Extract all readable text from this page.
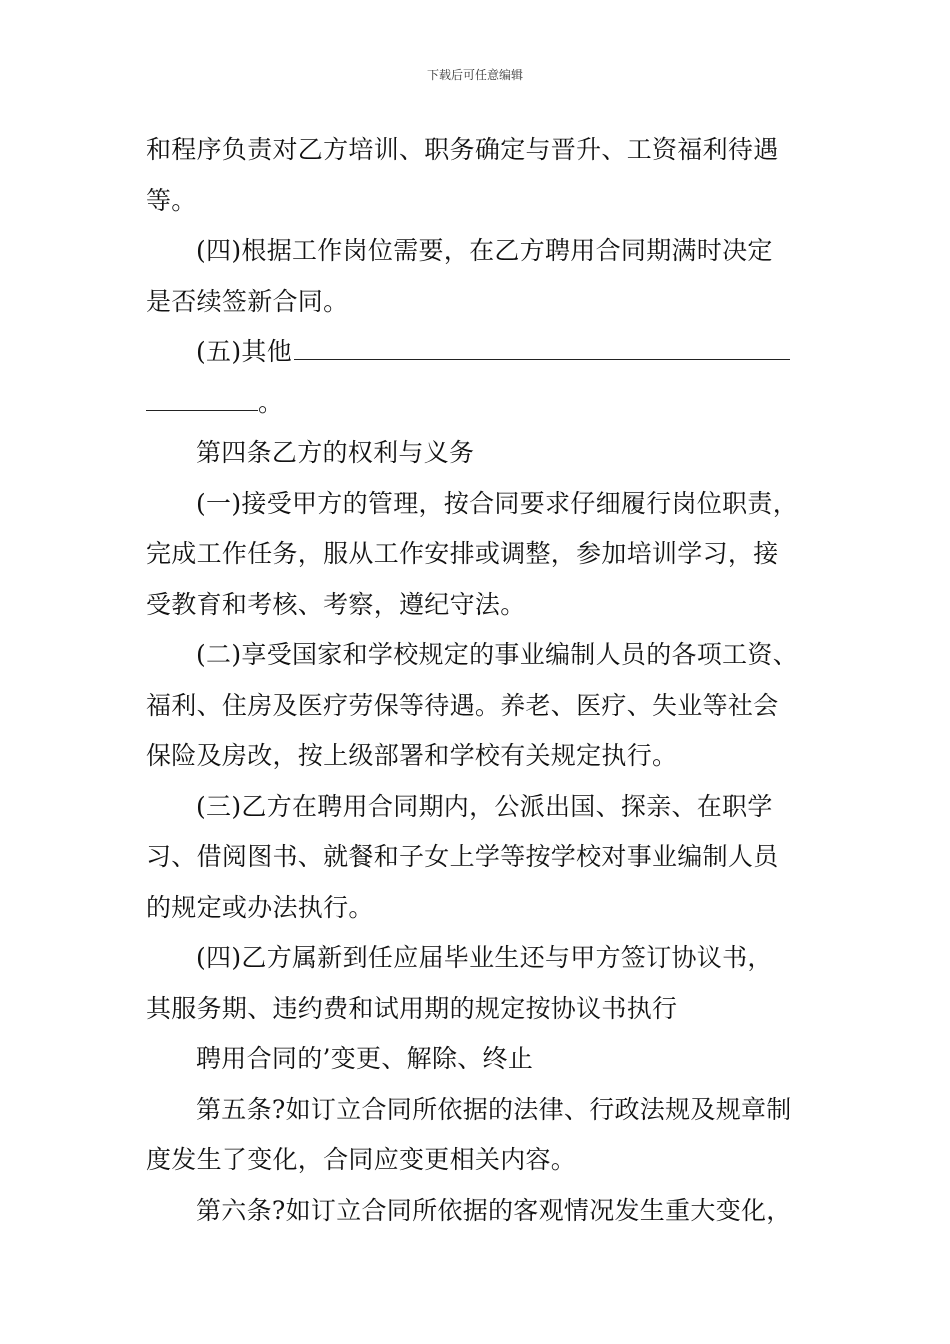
下载后可任意编辑
和程序负责对乙方培训、职务确定与晋升、工资福利待遇
等。
(四)根据工作岗位需要，在乙方聘用合同期满时决定
是否续签新合同。
(五)其他
。
第四条乙方的权利与义务
(一)接受甲方的管理，按合同要求仔细履行岗位职责，
完成工作任务，服从工作安排或调整，参加培训学习，接
受教育和考核、考察，遵纪守法。
(二)享受国家和学校规定的事业编制人员的各项工资、
福利、住房及医疗劳保等待遇。养老、医疗、失业等社会
保险及房改，按上级部署和学校有关规定执行。
(三)乙方在聘用合同期内，公派出国、探亲、在职学
习、借阅图书、就餐和子女上学等按学校对事业编制人员
的规定或办法执行。
(四)乙方属新到任应届毕业生还与甲方签订协议书，
其服务期、违约费和试用期的规定按协议书执行
聘用合同的’变更、解除、终止
第五条?如订立合同所依据的法律、行政法规及规章制
度发生了变化，合同应变更相关内容。
第六条?如订立合同所依据的客观情况发生重大变化，
